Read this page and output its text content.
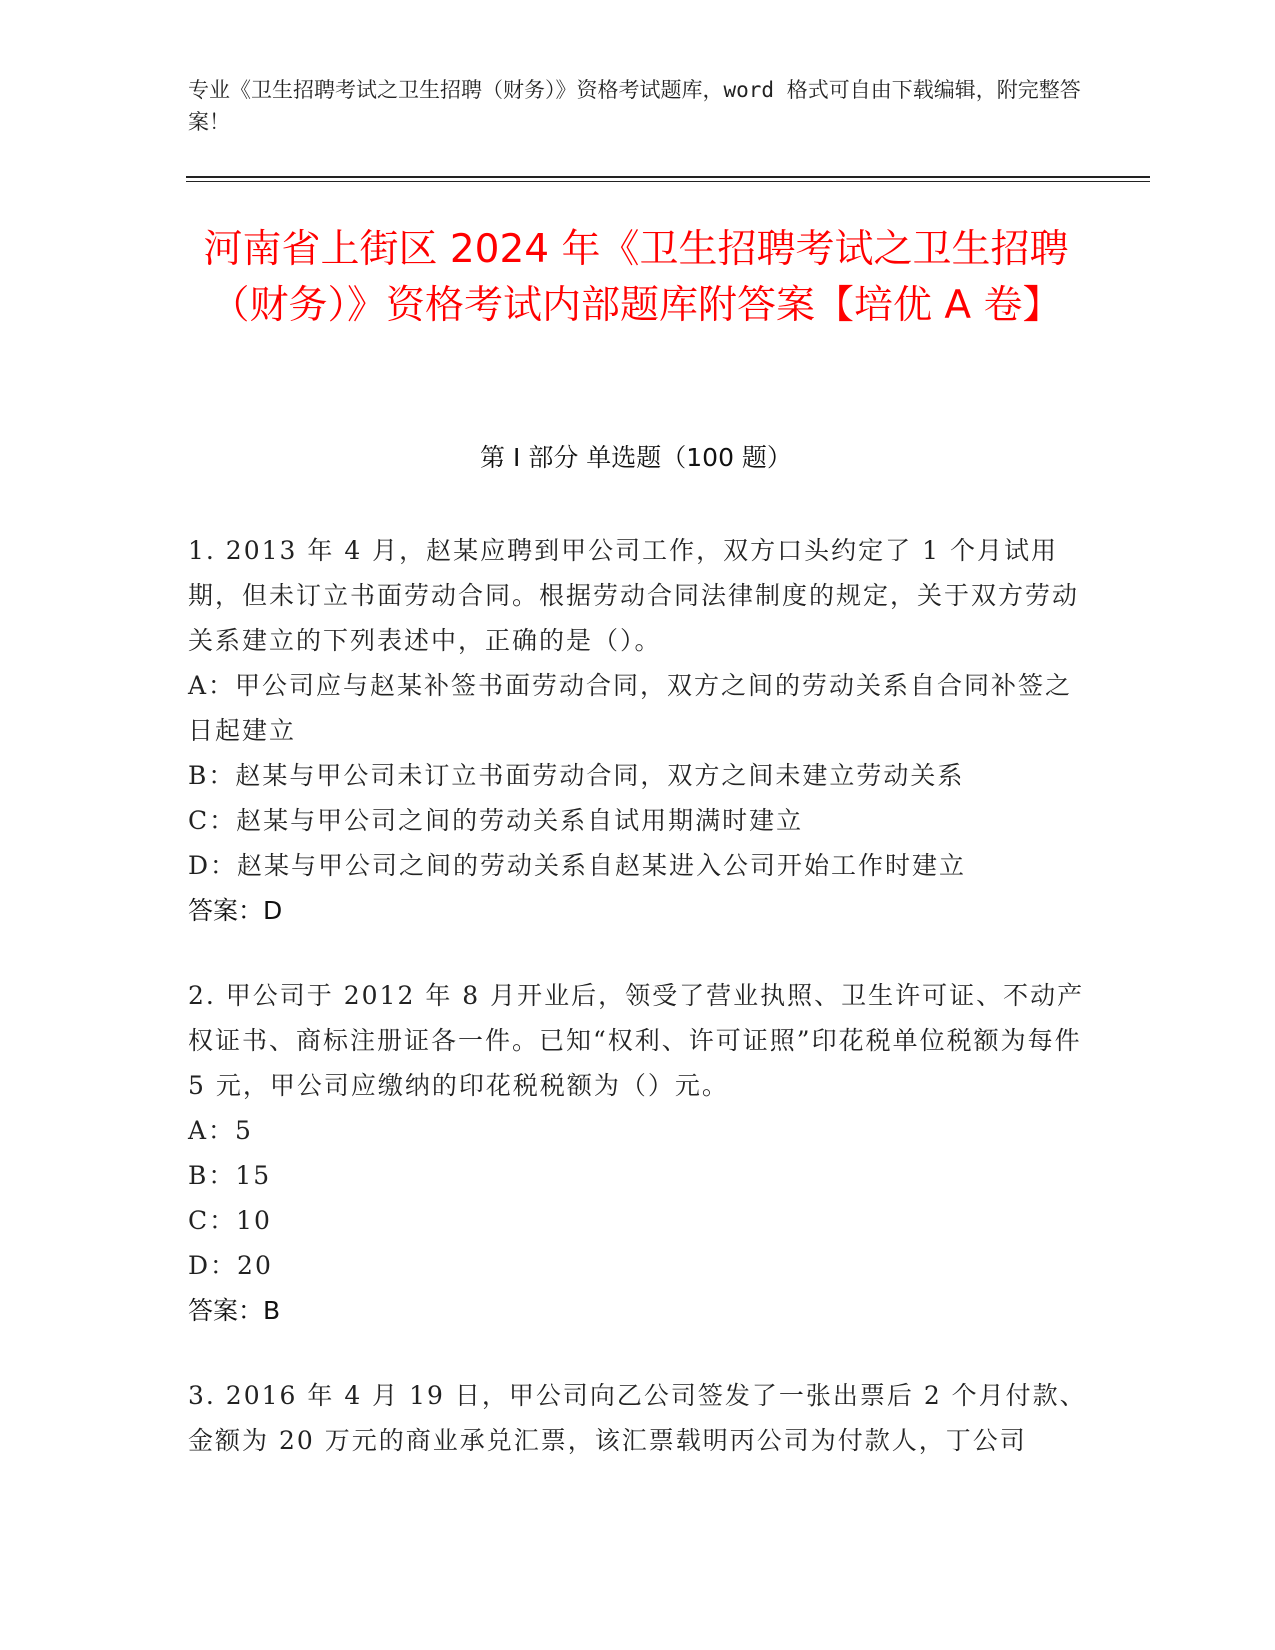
专业《卫生招聘考试之卫生招聘（财务）》资格考试题库，word 格式可自由下载编辑，附完整答案！
河南省上街区 2024 年《卫生招聘考试之卫生招聘（财务）》资格考试内部题库附答案【培优 A 卷】
第 I 部分 单选题（100 题）
1. 2013 年 4 月，赵某应聘到甲公司工作，双方口头约定了 1 个月试用期，但未订立书面劳动合同。根据劳动合同法律制度的规定，关于双方劳动关系建立的下列表述中，正确的是（）。
A：甲公司应与赵某补签书面劳动合同，双方之间的劳动关系自合同补签之日起建立
B：赵某与甲公司未订立书面劳动合同，双方之间未建立劳动关系
C：赵某与甲公司之间的劳动关系自试用期满时建立
D：赵某与甲公司之间的劳动关系自赵某进入公司开始工作时建立
答案：D
2. 甲公司于 2012 年 8 月开业后，领受了营业执照、卫生许可证、不动产权证书、商标注册证各一件。已知“权利、许可证照”印花税单位税额为每件 5 元，甲公司应缴纳的印花税税额为（）元。
A：5
B：15
C：10
D：20
答案：B
3. 2016 年 4 月 19 日，甲公司向乙公司签发了一张出票后 2 个月付款、金额为 20 万元的商业承兑汇票，该汇票载明丙公司为付款人，丁公司
